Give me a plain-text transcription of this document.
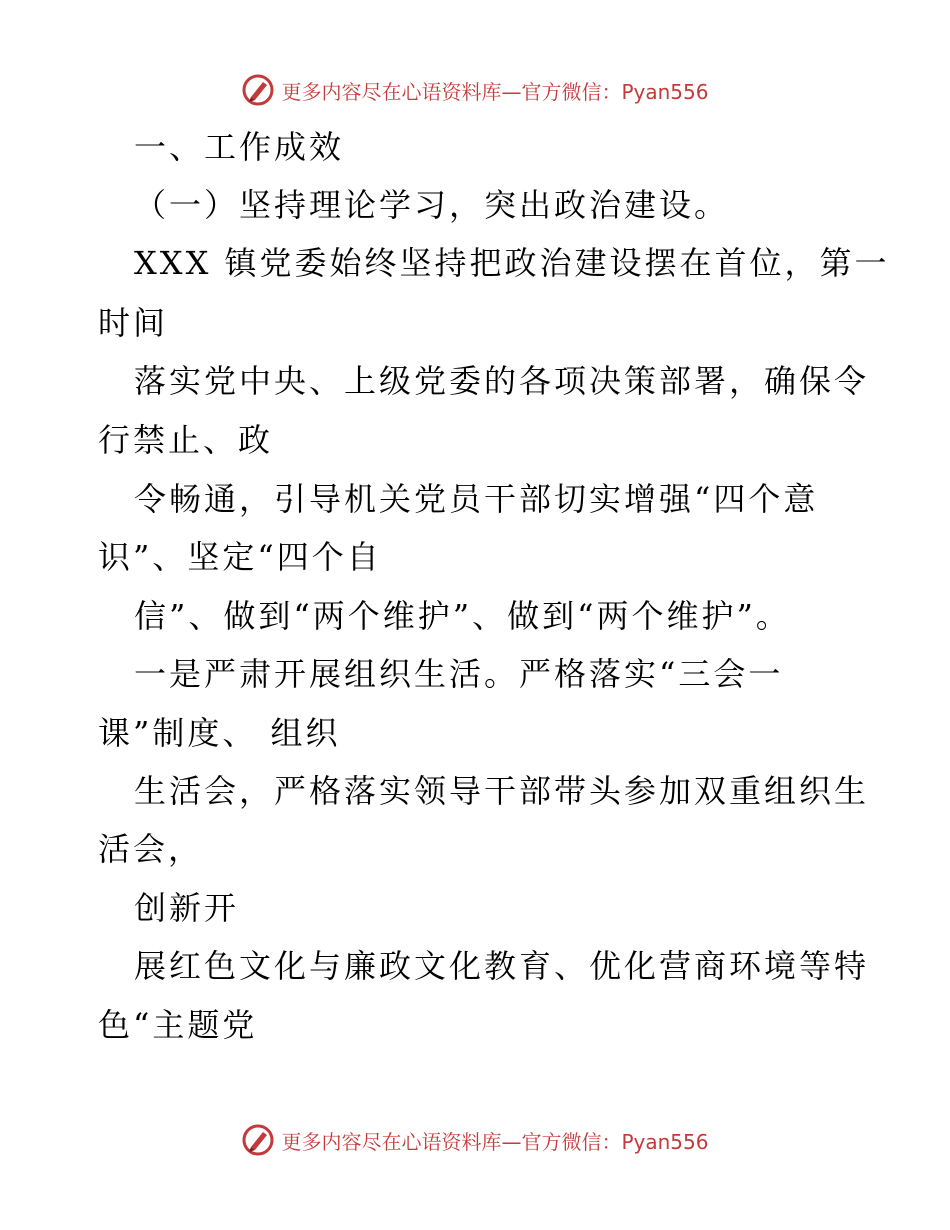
更多内容尽在心语资料库—官方微信：Pyan556
一、工作成效
（一）坚持理论学习，突出政治建设。
XXX 镇党委始终坚持把政治建设摆在首位，第一
时间
落实党中央、上级党委的各项决策部署，确保令
行禁止、政
令畅通，引导机关党员干部切实增强“四个意
识”、坚定“四个自
信”、做到“两个维护”、做到“两个维护”。
一是严肃开展组织生活。严格落实“三会一
课”制度、 组织
生活会，严格落实领导干部带头参加双重组织生
活会，
创新开
展红色文化与廉政文化教育、优化营商环境等特
色“主题党
更多内容尽在心语资料库—官方微信：Pyan556
